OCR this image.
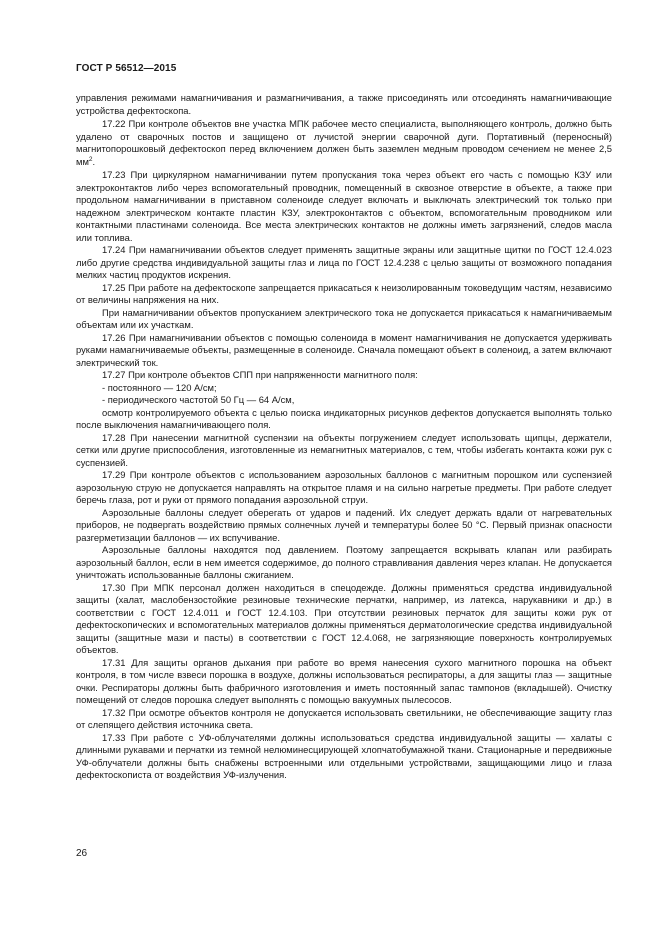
ГОСТ Р 56512—2015

управления режимами намагничивания и размагничивания, а также присоединять или отсоединять намагничивающие устройства дефектоскопа.

17.22 При контроле объектов вне участка МПК рабочее место специалиста, выполняющего контроль, должно быть удалено от сварочных постов и защищено от лучистой энергии сварочной дуги. Портативный (переносный) магнитопорошковый дефектоскоп перед включением должен быть заземлен медным проводом сечением не менее 2,5 $мм^2$.

17.23 При циркулярном намагничивании путем пропускания тока через объект его часть с помощью КЗУ или электроконтактов либо через вспомогательный проводник, помещенный в сквозное отверстие в объекте, а также при продольном намагничивании в приставном соленоиде следует включать и выключать электрический ток только при надежном электрическом контакте пластин КЗУ, электроконтактов с объектом, вспомогательным проводником или контактными пластинами соленоида. Все места электрических контактов не должны иметь загрязнений, следов масла или топлива.

17.24 При намагничивании объектов следует применять защитные экраны или защитные щитки по ГОСТ 12.4.023 либо другие средства индивидуальной защиты глаз и лица по ГОСТ 12.4.238 с целью защиты от возможного попадания мелких частиц продуктов искрения.

17.25 При работе на дефектоскопе запрещается прикасаться к неизолированным токоведущим частям, независимо от величины напряжения на них.

При намагничивании объектов пропусканием электрического тока не допускается прикасаться к намагничиваемым объектам или их участкам.

17.26 При намагничивании объектов с помощью соленоида в момент намагничивания не допускается удерживать руками намагничиваемые объекты, размещенные в соленоиде. Сначала помещают объект в соленоид, а затем включают электрический ток.

17.27 При контроле объектов СПП при напряженности магнитного поля:

- постоянного — 120 А/см;

- периодического частотой 50 Гц — 64 А/см,

осмотр контролируемого объекта с целью поиска индикаторных рисунков дефектов допускается выполнять только после выключения намагничивающего поля.

17.28 При нанесении магнитной суспензии на объекты погружением следует использовать щипцы, держатели, сетки или другие приспособления, изготовленные из немагнитных материалов, с тем, чтобы избегать контакта кожи рук с суспензией.

17.29 При контроле объектов с использованием аэрозольных баллонов с магнитным порошком или суспензией аэрозольную струю не допускается направлять на открытое пламя и на сильно нагретые предметы. При работе следует беречь глаза, рот и руки от прямого попадания аэрозольной струи.

Аэрозольные баллоны следует оберегать от ударов и падений. Их следует держать вдали от нагревательных приборов, не подвергать воздействию прямых солнечных лучей и температуры более 50 °С. Первый признак опасности разгерметизации баллонов — их вспучивание.

Аэрозольные баллоны находятся под давлением. Поэтому запрещается вскрывать клапан или разбирать аэрозольный баллон, если в нем имеется содержимое, до полного стравливания давления через клапан. Не допускается уничтожать использованные баллоны сжиганием.

17.30 При МПК персонал должен находиться в спецодежде. Должны применяться средства индивидуальной защиты (халат, маслобензостойкие резиновые технические перчатки, например, из латекса, нарукавники и др.) в соответствии с ГОСТ 12.4.011 и ГОСТ 12.4.103. При отсутствии резиновых перчаток для защиты кожи рук от дефектоскопических и вспомогательных материалов должны применяться дерматологические средства индивидуальной защиты (защитные мази и пасты) в соответствии с ГОСТ 12.4.068, не загрязняющие поверхность контролируемых объектов.

17.31 Для защиты органов дыхания при работе во время нанесения сухого магнитного порошка на объект контроля, в том числе взвеси порошка в воздухе, должны использоваться респираторы, а для защиты глаз — защитные очки. Респираторы должны быть фабричного изготовления и иметь постоянный запас тампонов (вкладышей). Очистку помещений от следов порошка следует выполнять с помощью вакуумных пылесосов.

17.32 При осмотре объектов контроля не допускается использовать светильники, не обеспечивающие защиту глаз от слепящего действия источника света.

17.33 При работе с УФ-облучателями должны использоваться средства индивидуальной защиты — халаты с длинными рукавами и перчатки из темной нелюминесцирующей хлопчатобумажной ткани. Стационарные и передвижные УФ-облучатели должны быть снабжены встроенными или отдельными устройствами, защищающими лицо и глаза дефектоскописта от воздействия УФ-излучения.

26
